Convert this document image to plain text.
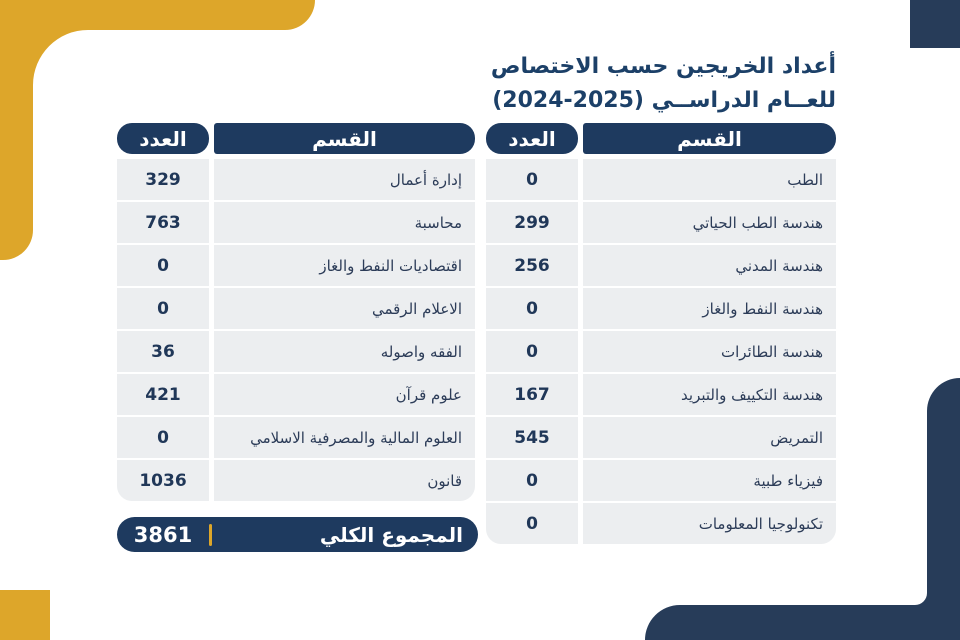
أعداد الخريجين حسب الاختصاص
للعــام الدراســي (2025-2024)
القسم
العدد
الطب
0
هندسة الطب الحياتي
299
هندسة المدني
256
هندسة النفط والغاز
0
هندسة الطائرات
0
هندسة التكييف والتبريد
167
التمريض
545
فيزياء طبية
0
تكنولوجيا المعلومات
0
القسم
العدد
إدارة أعمال
329
محاسبة
763
اقتصاديات النفط والغاز
0
الاعلام الرقمي
0
الفقه واصوله
36
علوم قرآن
421
العلوم المالية والمصرفية الاسلامي
0
قانون
1036
المجموع الكلي
3861
